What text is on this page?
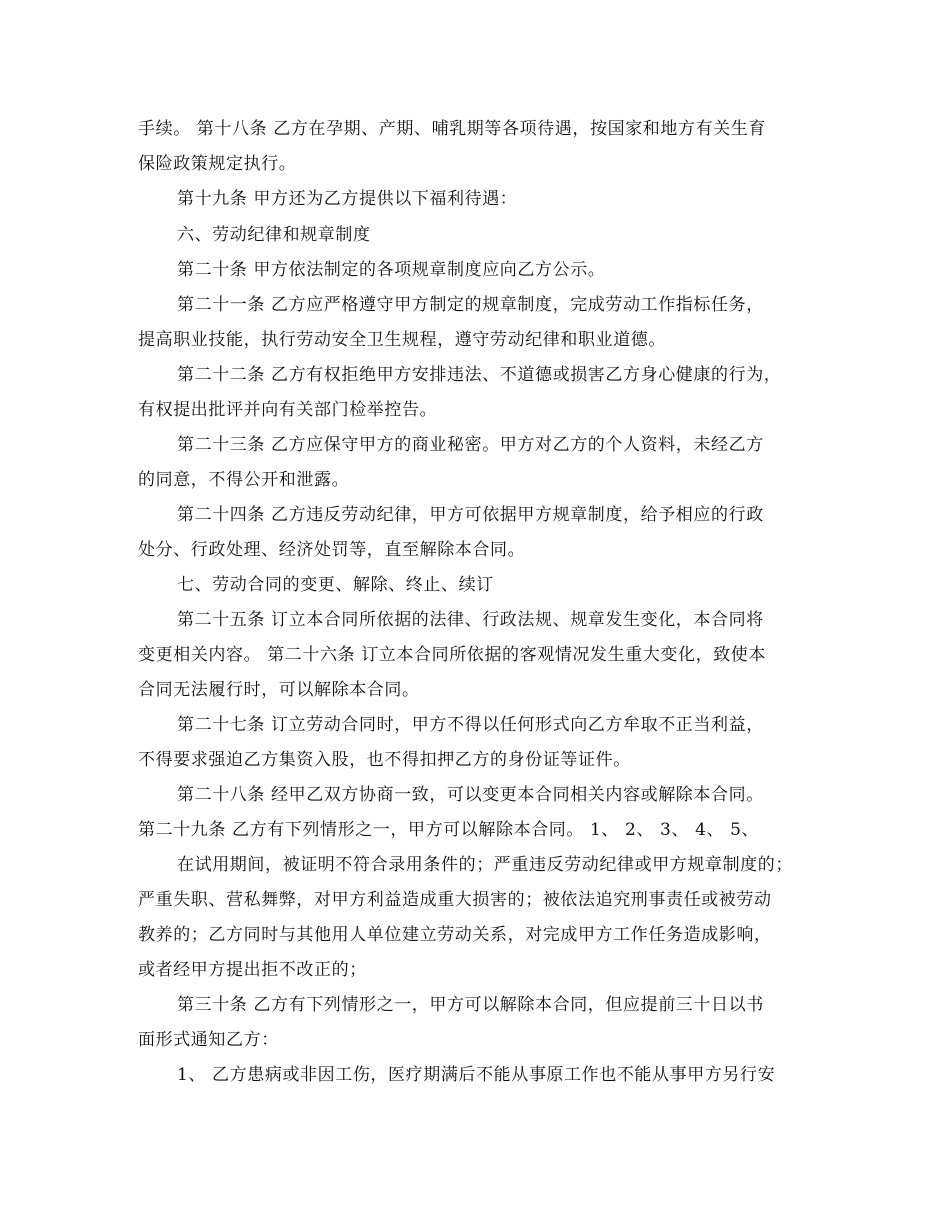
手续。 第十八条 乙方在孕期、产期、哺乳期等各项待遇，按国家和地方有关生育
保险政策规定执行。
第十九条 甲方还为乙方提供以下福利待遇：
六、劳动纪律和规章制度
第二十条 甲方依法制定的各项规章制度应向乙方公示。
第二十一条 乙方应严格遵守甲方制定的规章制度，完成劳动工作指标任务，
提高职业技能，执行劳动安全卫生规程，遵守劳动纪律和职业道德。
第二十二条 乙方有权拒绝甲方安排违法、不道德或损害乙方身心健康的行为，
有权提出批评并向有关部门检举控告。
第二十三条 乙方应保守甲方的商业秘密。甲方对乙方的个人资料，未经乙方
的同意，不得公开和泄露。
第二十四条 乙方违反劳动纪律，甲方可依据甲方规章制度，给予相应的行政
处分、行政处理、经济处罚等，直至解除本合同。
七、劳动合同的变更、解除、终止、续订
第二十五条 订立本合同所依据的法律、行政法规、规章发生变化，本合同将
变更相关内容。 第二十六条 订立本合同所依据的客观情况发生重大变化，致使本
合同无法履行时，可以解除本合同。
第二十七条 订立劳动合同时，甲方不得以任何形式向乙方牟取不正当利益，
不得要求强迫乙方集资入股，也不得扣押乙方的身份证等证件。
第二十八条 经甲乙双方协商一致，可以变更本合同相关内容或解除本合同。
第二十九条 乙方有下列情形之一，甲方可以解除本合同。 1、 2、 3、 4、 5、
在试用期间，被证明不符合录用条件的；严重违反劳动纪律或甲方规章制度的；
严重失职、营私舞弊，对甲方利益造成重大损害的；被依法追究刑事责任或被劳动
教养的；乙方同时与其他用人单位建立劳动关系，对完成甲方工作任务造成影响，
或者经甲方提出拒不改正的；
第三十条 乙方有下列情形之一，甲方可以解除本合同，但应提前三十日以书
面形式通知乙方：
1、 乙方患病或非因工伤，医疗期满后不能从事原工作也不能从事甲方另行安
